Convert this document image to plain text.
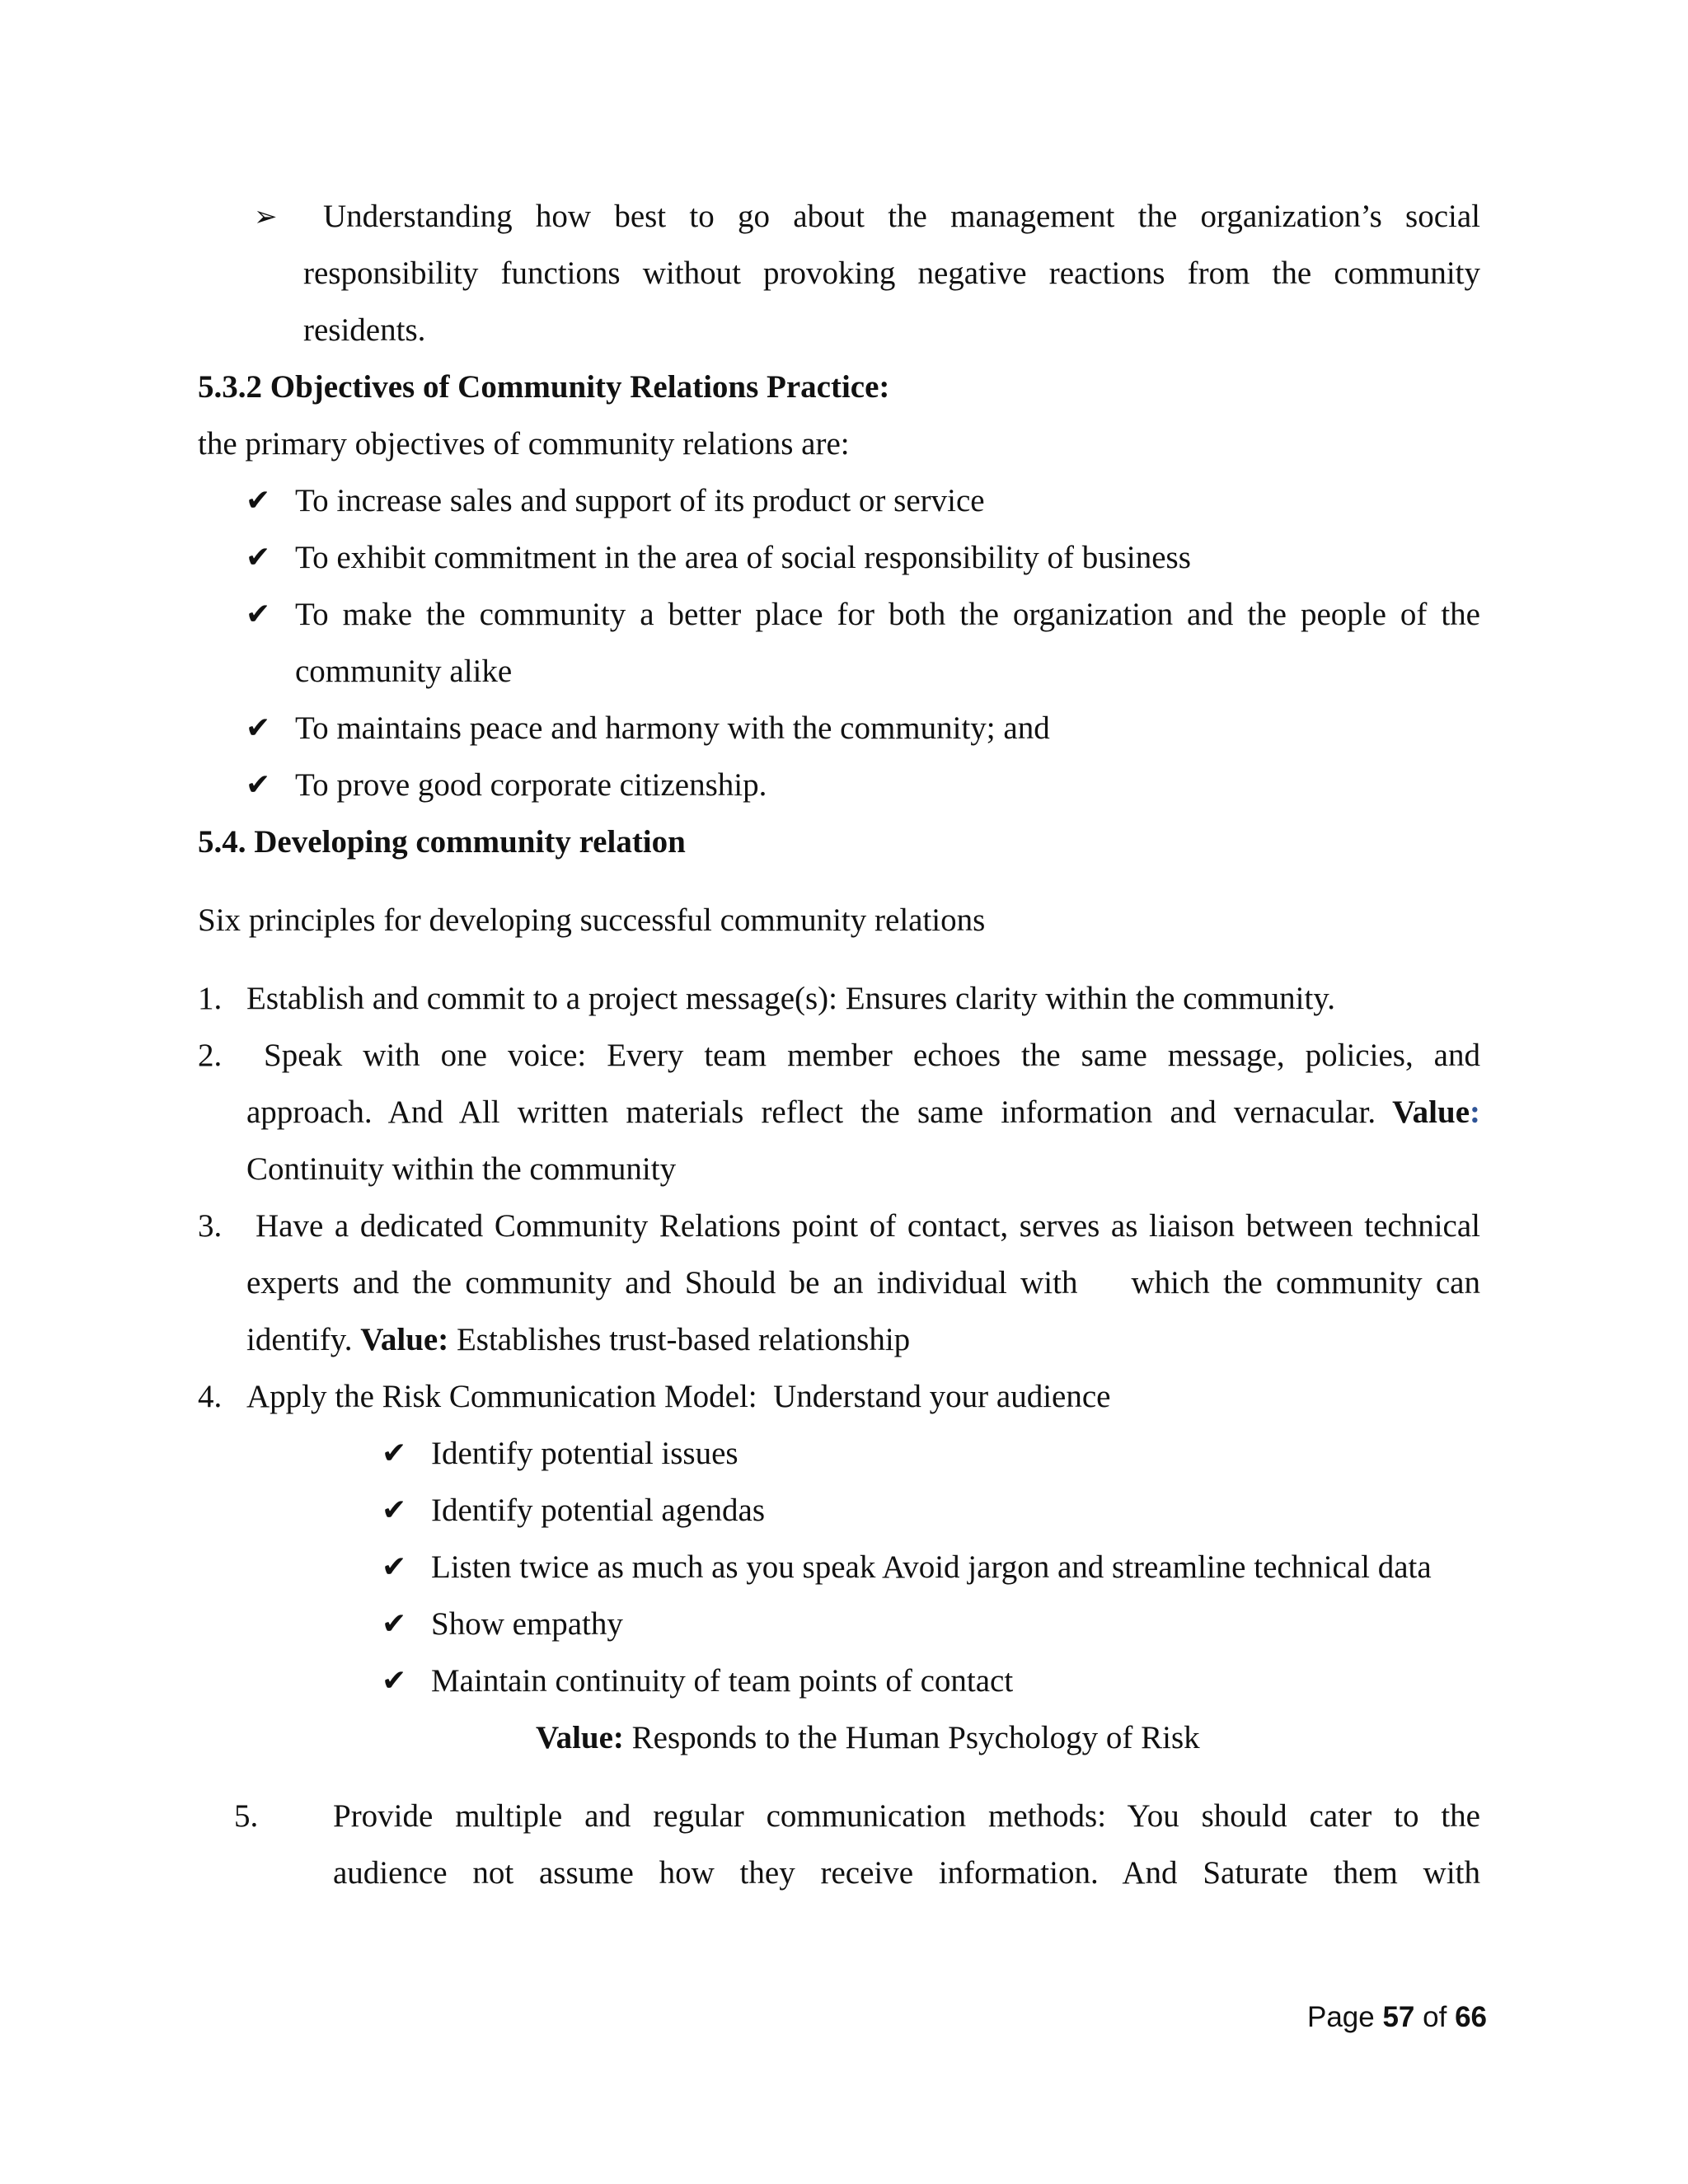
➢ Understanding how best to go about the management the organization’s social
responsibility functions without provoking negative reactions from the community
residents.
5.3.2 Objectives of Community Relations Practice:
the primary objectives of community relations are:
✔ To increase sales and support of its product or service
✔ To exhibit commitment in the area of social responsibility of business
✔ To make the community a better place for both the organization and the people of the
community alike
✔ To maintains peace and harmony with the community; and
✔ To prove good corporate citizenship.
5.4. Developing community relation
Six principles for developing successful community relations
1. Establish and commit to a project message(s): Ensures clarity within the community.
2. Speak with one voice: Every team member echoes the same message, policies, and
approach. And All written materials reflect the same information and vernacular. Value:
Continuity within the community
3. Have a dedicated Community Relations point of contact, serves as liaison between technical
experts and the community and Should be an individual with    which the community can
identify. Value: Establishes trust-based relationship
4. Apply the Risk Communication Model:  Understand your audience
✔ Identify potential issues
✔ Identify potential agendas
✔ Listen twice as much as you speak Avoid jargon and streamline technical data
✔ Show empathy
✔ Maintain continuity of team points of contact
Value: Responds to the Human Psychology of Risk
5. Provide multiple and regular communication methods: You should cater to the
audience not assume how they receive information. And Saturate them with
Page 57 of 66
